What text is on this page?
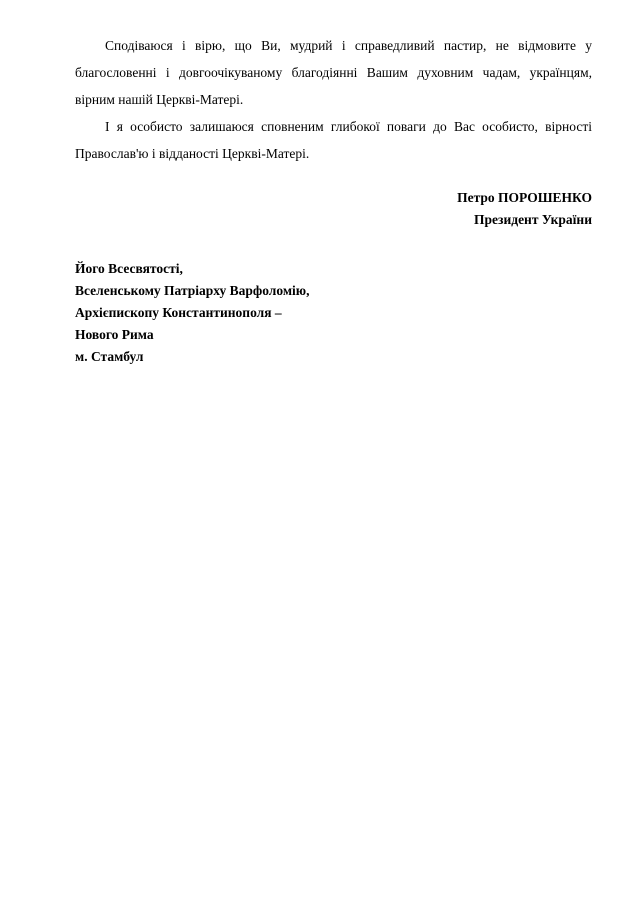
Сподіваюся і вірю, що Ви, мудрий і справедливий пастир, не відмовите у благословенні і довгоочікуваному благодіянні Вашим духовним чадам, українцям, вірним нашій Церкві-Матері.

І я особисто залишаюся сповненим глибокої поваги до Вас особисто, вірності Православ'ю і відданості Церкві-Матері.

Петро ПОРОШЕНКО
Президент України
Його Всесвятості,
Вселенському Патріарху Варфоломію,
Архієпископу Константинополя –
Нового Рима
м. Стамбул
